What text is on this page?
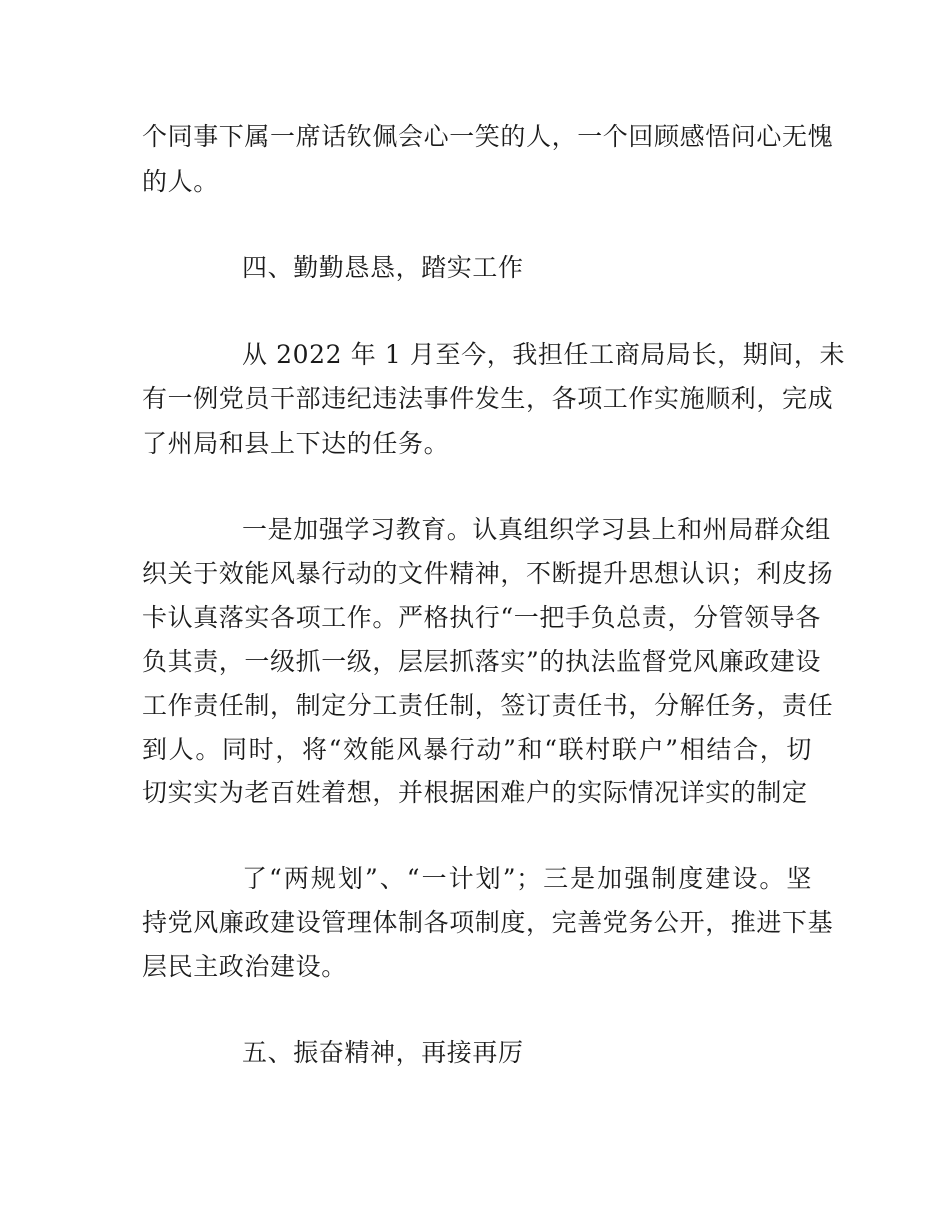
个同事下属一席话钦佩会心一笑的人，一个回顾感悟问心无愧
的人。
四、勤勤恳恳，踏实工作
从 2022 年 1 月至今，我担任工商局局长，期间，未
有一例党员干部违纪违法事件发生，各项工作实施顺利，完成
了州局和县上下达的任务。
一是加强学习教育。认真组织学习县上和州局群众组
织关于效能风暴行动的文件精神，不断提升思想认识；利皮扬
卡认真落实各项工作。严格执行“一把手负总责，分管领导各
负其责，一级抓一级，层层抓落实”的执法监督党风廉政建设
工作责任制，制定分工责任制，签订责任书，分解任务，责任
到人。同时，将“效能风暴行动”和“联村联户”相结合，切
切实实为老百姓着想，并根据困难户的实际情况详实的制定
了“两规划”、“一计划”；三是加强制度建设。坚
持党风廉政建设管理体制各项制度，完善党务公开，推进下基
层民主政治建设。
五、振奋精神，再接再厉
